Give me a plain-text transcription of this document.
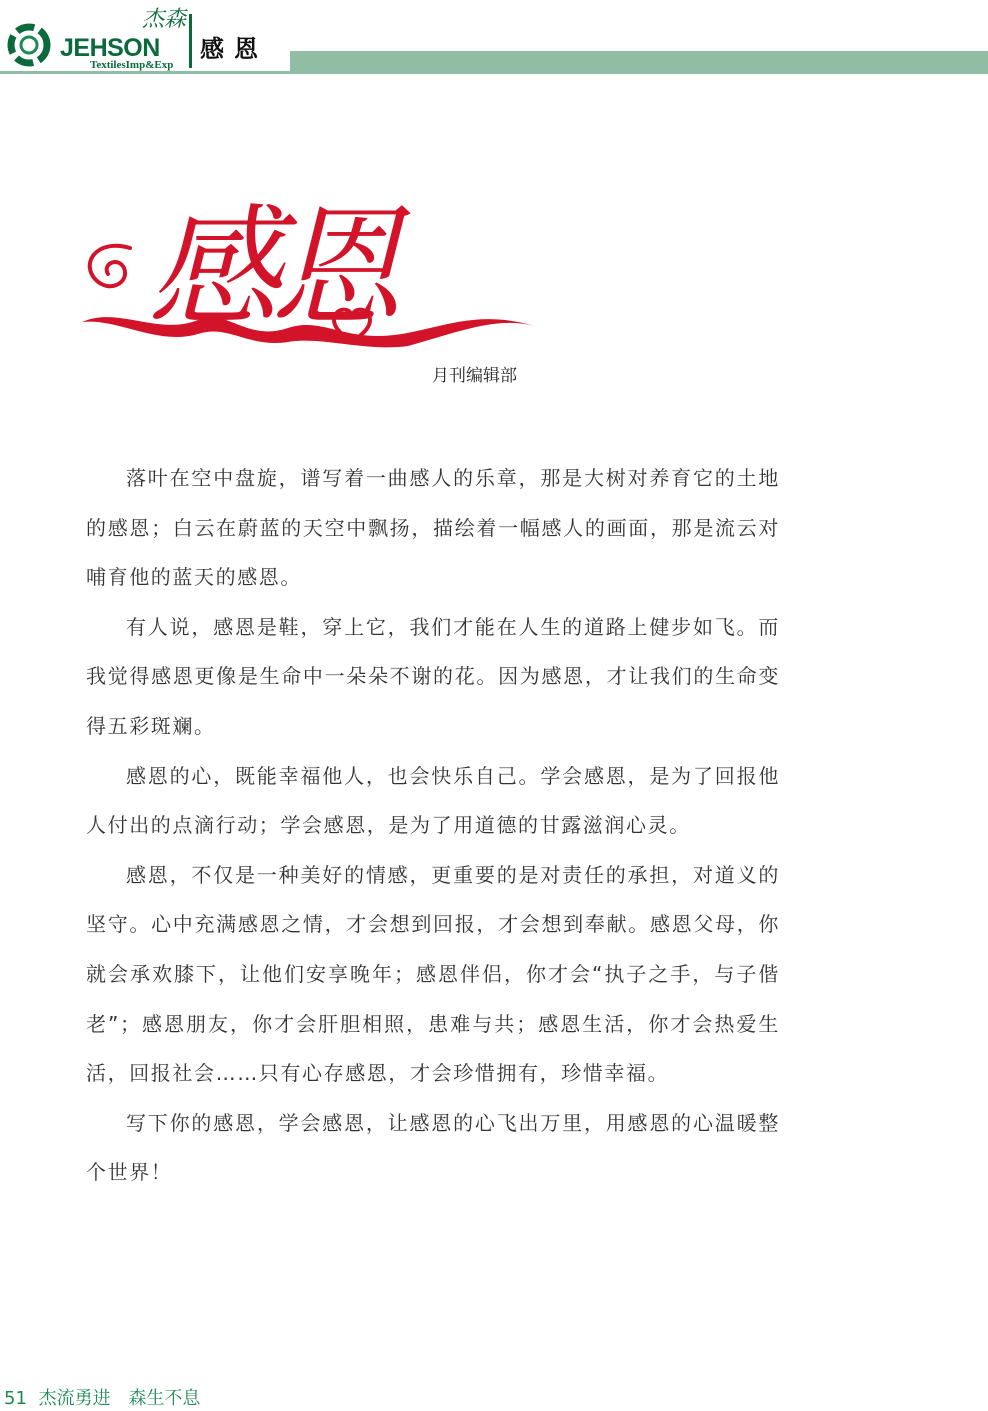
杰森
JEHSON
TextilesImp&Exp
感恩
感恩
月刊编辑部

落叶在空中盘旋，谱写着一曲感人的乐章，那是大树对养育它的土地的感恩；白云在蔚蓝的天空中飘扬，描绘着一幅感人的画面，那是流云对哺育他的蓝天的感恩。

有人说，感恩是鞋，穿上它，我们才能在人生的道路上健步如飞。而我觉得感恩更像是生命中一朵朵不谢的花。因为感恩，才让我们的生命变得五彩斑斓。

感恩的心，既能幸福他人，也会快乐自己。学会感恩，是为了回报他人付出的点滴行动；学会感恩，是为了用道德的甘露滋润心灵。

感恩，不仅是一种美好的情感，更重要的是对责任的承担，对道义的坚守。心中充满感恩之情，才会想到回报，才会想到奉献。感恩父母，你就会承欢膝下，让他们安享晚年；感恩伴侣，你才会“执子之手，与子偕老”；感恩朋友，你才会肝胆相照，患难与共；感恩生活，你才会热爱生活，回报社会……只有心存感恩，才会珍惜拥有，珍惜幸福。

写下你的感恩，学会感恩，让感恩的心飞出万里，用感恩的心温暖整个世界！

51 杰流勇进 森生不息
